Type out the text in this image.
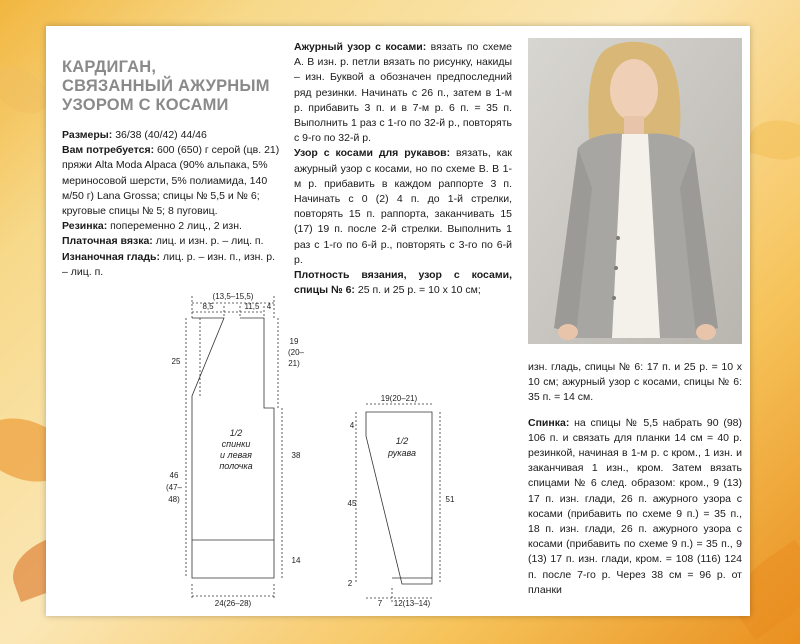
КАРДИГАН, СВЯЗАННЫЙ АЖУРНЫМ УЗОРОМ С КОСАМИ

Размеры: 36/38 (40/42) 44/46

Вам потребуется: 600 (650) г серой (цв. 21) пряжи Alta Moda Alpaca (90% альпака, 5% мериносовой шерсти, 5% полиамида, 140 м/50 г) Lana Grossa; спицы № 5,5 и № 6; круговые спицы № 5; 8 пуговиц.

Резинка: попеременно 2 лиц., 2 изн.

Платочная вязка: лиц. и изн. р. – лиц. п.

Изнаночная гладь: лиц. р. – изн. п., изн. р. – лиц. п.

Ажурный узор с косами: вязать по схеме А. В изн. р. петли вязать по рисунку, накиды – изн. Буквой а обозначен предпоследний ряд резинки. Начинать с 26 п., затем в 1-м р. прибавить 3 п. и в 7-м р. 6 п. = 35 п. Выполнить 1 раз с 1-го по 32-й р., повторять с 9-го по 32-й р.

Узор с косами для рукавов: вязать, как ажурный узор с косами, но по схеме В. В 1-м р. прибавить в каждом раппорте 3 п. Начинать с 0 (2) 4 п. до 1-й стрелки, повторять 15 п. раппорта, заканчивать 15 (17) 19 п. после 2-й стрелки. Выполнить 1 раз с 1-го по 6-й р., повторять с 3-го по 6-й р.

Плотность вязания, узор с косами, спицы № 6: 25 п. и 25 р. = 10 х 10 см;

изн. гладь, спицы № 6: 17 п. и 25 р. = 10 х 10 см; ажурный узор с косами, спицы № 6: 35 п. = 14 см.

Спинка: на спицы № 5,5 набрать 90 (98) 106 п. и связать для планки 14 см = 40 р. резинкой, начиная в 1-м р. с кром., 1 изн. и заканчивая 1 изн., кром. Затем вязать спицами № 6 след. образом: кром., 9 (13) 17 п. изн. глади, 26 п. ажурного узора с косами (прибавить по схеме 9 п.) = 35 п., 18 п. изн. глади, 26 п. ажурного узора с косами (прибавить по схеме 9 п.) = 35 п., 9 (13) 17 п. изн. глади, кром. = 108 (116) 124 п. после 7-го р. Через 38 см = 96 р. от планки

(13,5–15,5)
8,5	11,5 4
25
19
(20–
21)
38
46
(47–
48)
14
24(26–28)
1/2
спинки
и левая
полочка
19(20–21)
4
45	51
2
7 12(13–14)
1/2
рукава
